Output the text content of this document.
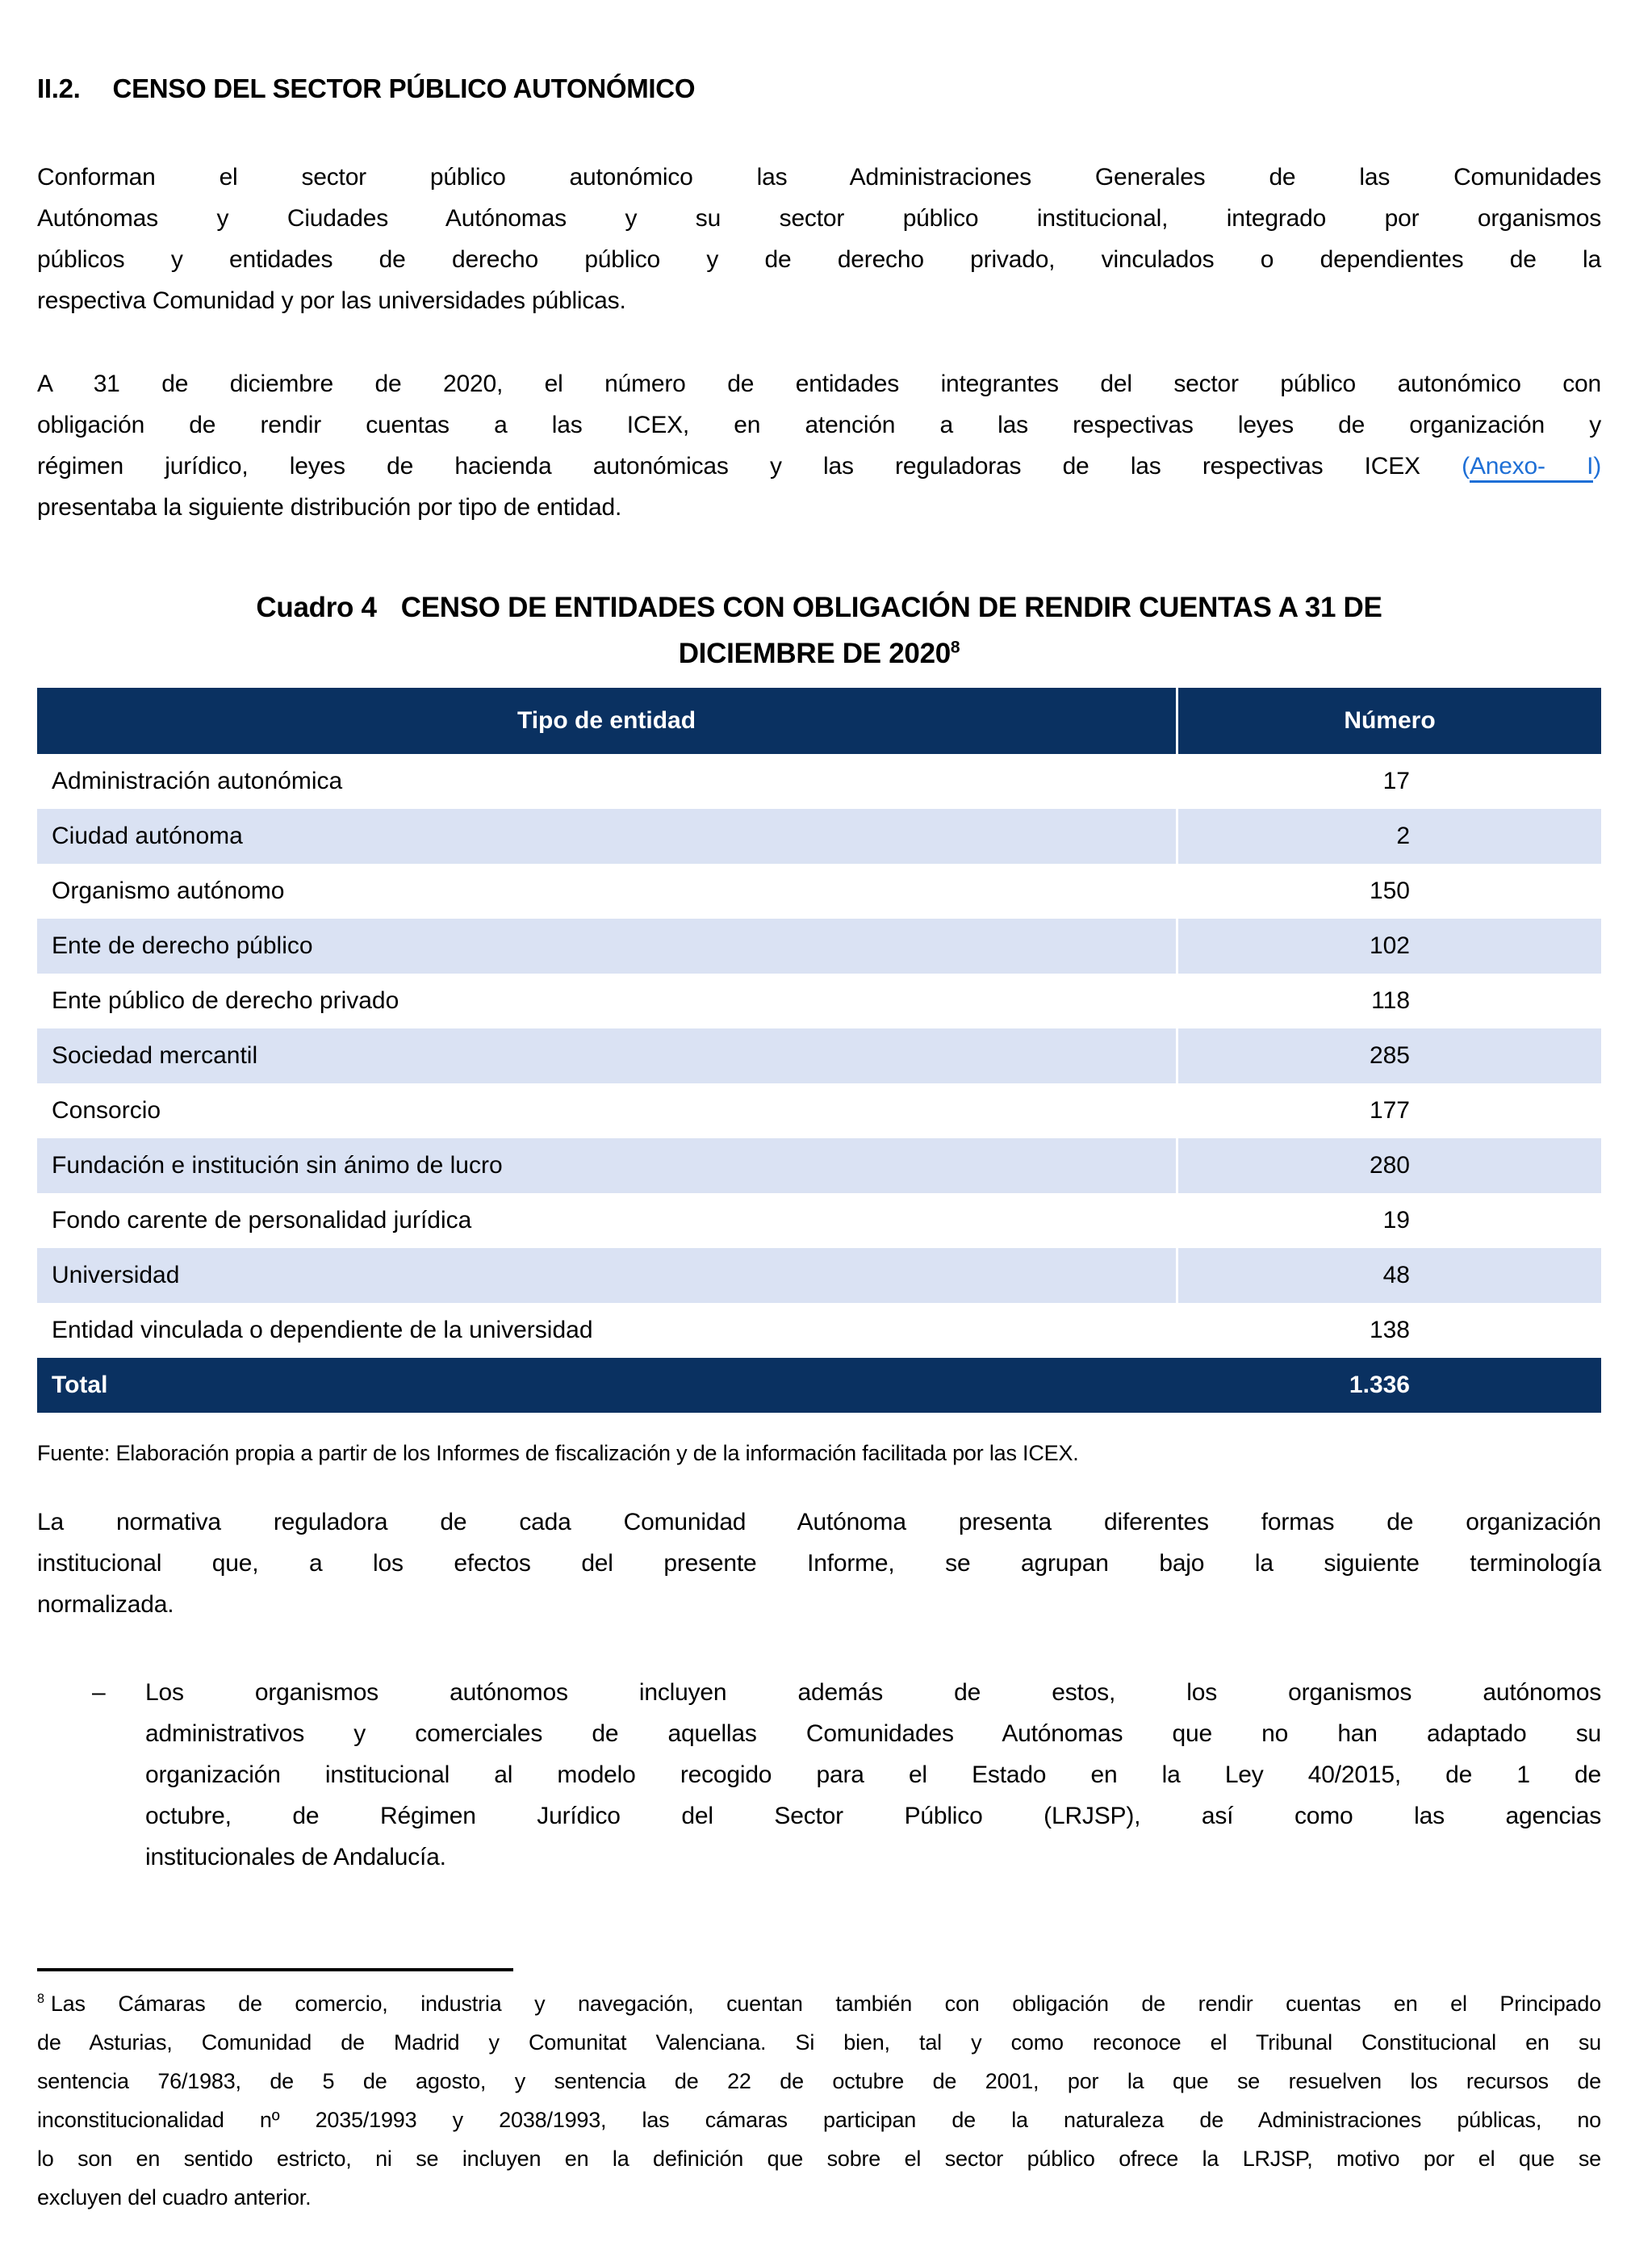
II.2. CENSO DEL SECTOR PÚBLICO AUTONÓMICO
Conforman el sector público autonómico las Administraciones Generales de las Comunidades
Autónomas y Ciudades Autónomas y su sector público institucional, integrado por organismos
públicos y entidades de derecho público y de derecho privado, vinculados o dependientes de la
respectiva Comunidad y por las universidades públicas.
A 31 de diciembre de 2020, el número de entidades integrantes del sector público autonómico con
obligación de rendir cuentas a las ICEX, en atención a las respectivas leyes de organización y
régimen jurídico, leyes de hacienda autonómicas y las reguladoras de las respectivas ICEX (Anexo- I)
presentaba la siguiente distribución por tipo de entidad.
Cuadro 4 CENSO DE ENTIDADES CON OBLIGACIÓN DE RENDIR CUENTAS A 31 DE
DICIEMBRE DE 2020$^8$
Tipo de entidad	Número
Administración autonómica	17
Ciudad autónoma	2
Organismo autónomo	150
Ente de derecho público	102
Ente público de derecho privado	118
Sociedad mercantil	285
Consorcio	177
Fundación e institución sin ánimo de lucro	280
Fondo carente de personalidad jurídica	19
Universidad	48
Entidad vinculada o dependiente de la universidad	138
Total	1.336

Fuente: Elaboración propia a partir de los Informes de fiscalización y de la información facilitada por las ICEX.

La normativa reguladora de cada Comunidad Autónoma presenta diferentes formas de organización
institucional que, a los efectos del presente Informe, se agrupan bajo la siguiente terminología
normalizada.
–	Los organismos autónomos incluyen además de estos, los organismos autónomos
administrativos y comerciales de aquellas Comunidades Autónomas que no han adaptado su
organización institucional al modelo recogido para el Estado en la Ley 40/2015, de 1 de
octubre, de Régimen Jurídico del Sector Público (LRJSP), así como las agencias
institucionales de Andalucía.
$^8$ Las Cámaras de comercio, industria y navegación, cuentan también con obligación de rendir cuentas en el Principado
de Asturias, Comunidad de Madrid y Comunitat Valenciana. Si bien, tal y como reconoce el Tribunal Constitucional en su
sentencia 76/1983, de 5 de agosto, y sentencia de 22 de octubre de 2001, por la que se resuelven los recursos de
inconstitucionalidad nº 2035/1993 y 2038/1993, las cámaras participan de la naturaleza de Administraciones públicas, no
lo son en sentido estricto, ni se incluyen en la definición que sobre el sector público ofrece la LRJSP, motivo por el que se
excluyen del cuadro anterior.
